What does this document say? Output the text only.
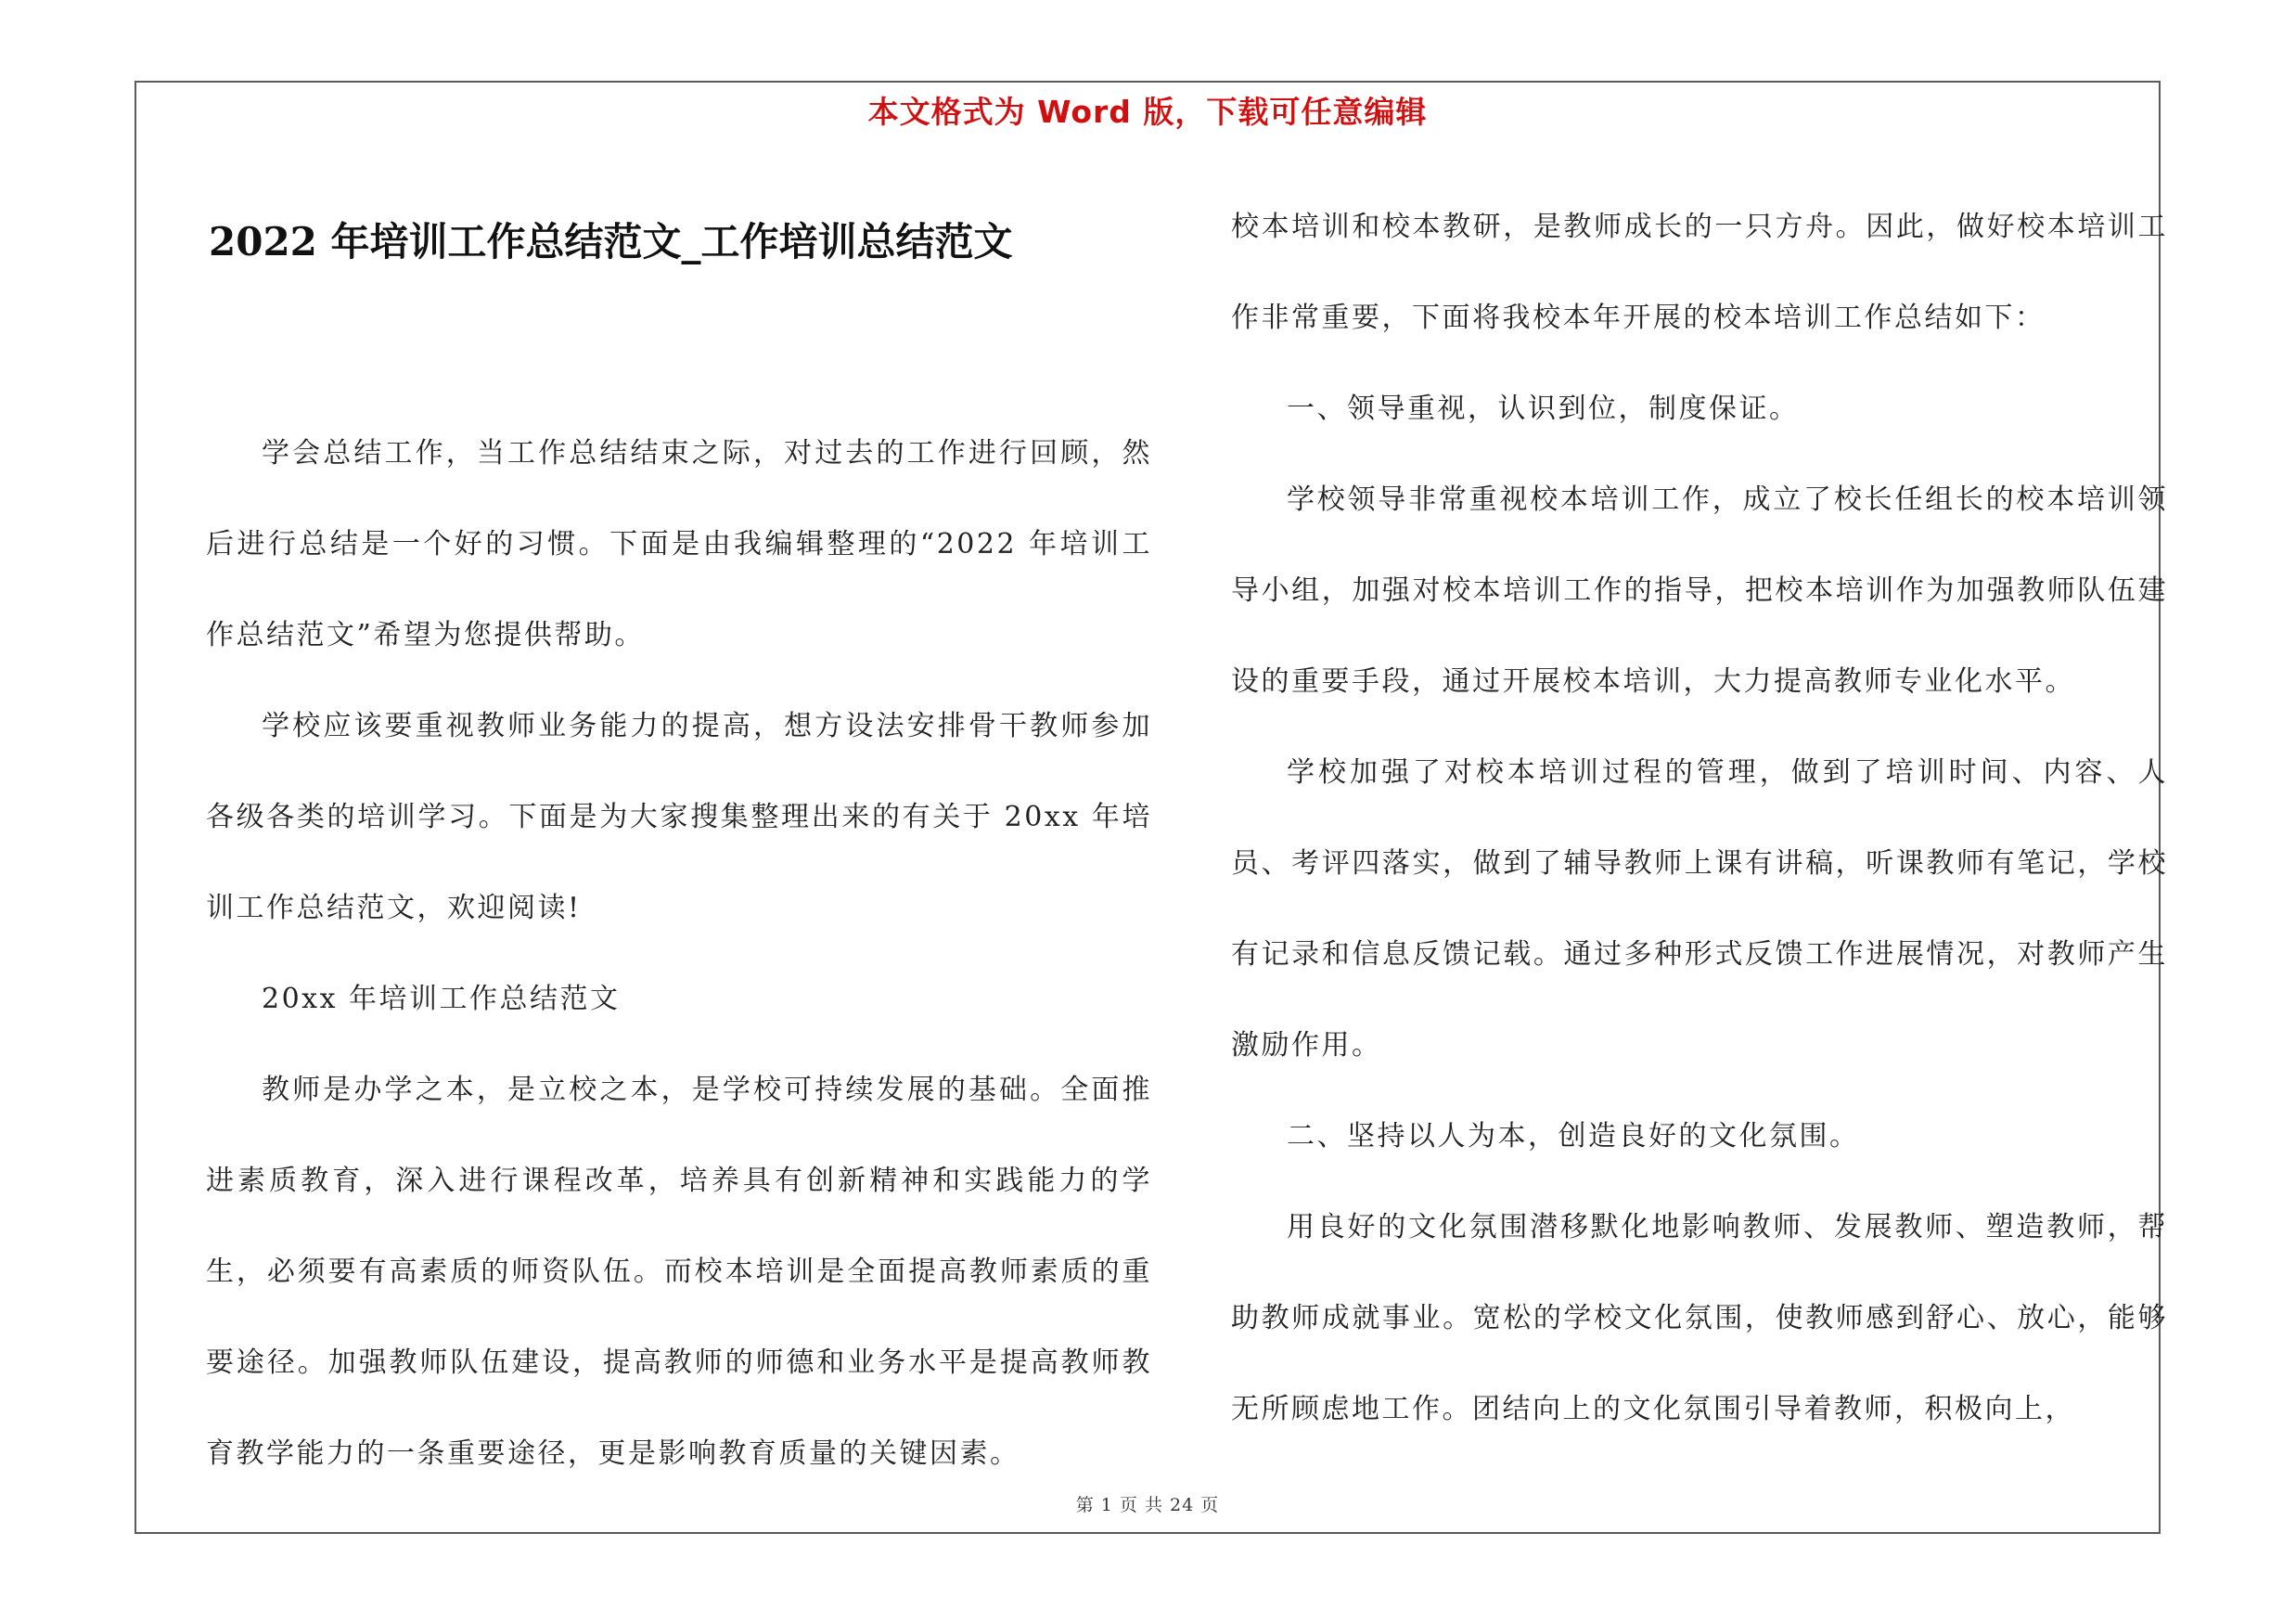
本文格式为 Word 版，下载可任意编辑
2022 年培训工作总结范文_工作培训总结范文

学会总结工作，当工作总结结束之际，对过去的工作进行回顾，然后进行总结是一个好的习惯。下面是由我编辑整理的“2022 年培训工作总结范文”希望为您提供帮助。

学校应该要重视教师业务能力的提高，想方设法安排骨干教师参加各级各类的培训学习。下面是为大家搜集整理出来的有关于 20xx 年培训工作总结范文，欢迎阅读!

20xx 年培训工作总结范文

教师是办学之本，是立校之本，是学校可持续发展的基础。全面推进素质教育，深入进行课程改革，培养具有创新精神和实践能力的学生，必须要有高素质的师资队伍。而校本培训是全面提高教师素质的重要途径。加强教师队伍建设，提高教师的师德和业务水平是提高教师教育教学能力的一条重要途径，更是影响教育质量的关键因素。

校本培训和校本教研，是教师成长的一只方舟。因此，做好校本培训工作非常重要，下面将我校本年开展的校本培训工作总结如下：

一、领导重视，认识到位，制度保证。

学校领导非常重视校本培训工作，成立了校长任组长的校本培训领导小组，加强对校本培训工作的指导，把校本培训作为加强教师队伍建设的重要手段，通过开展校本培训，大力提高教师专业化水平。

学校加强了对校本培训过程的管理，做到了培训时间、内容、人员、考评四落实，做到了辅导教师上课有讲稿，听课教师有笔记，学校有记录和信息反馈记载。通过多种形式反馈工作进展情况，对教师产生激励作用。

二、坚持以人为本，创造良好的文化氛围。

用良好的文化氛围潜移默化地影响教师、发展教师、塑造教师，帮助教师成就事业。宽松的学校文化氛围，使教师感到舒心、放心，能够无所顾虑地工作。团结向上的文化氛围引导着教师，积极向上，

第 1 页 共 24 页
